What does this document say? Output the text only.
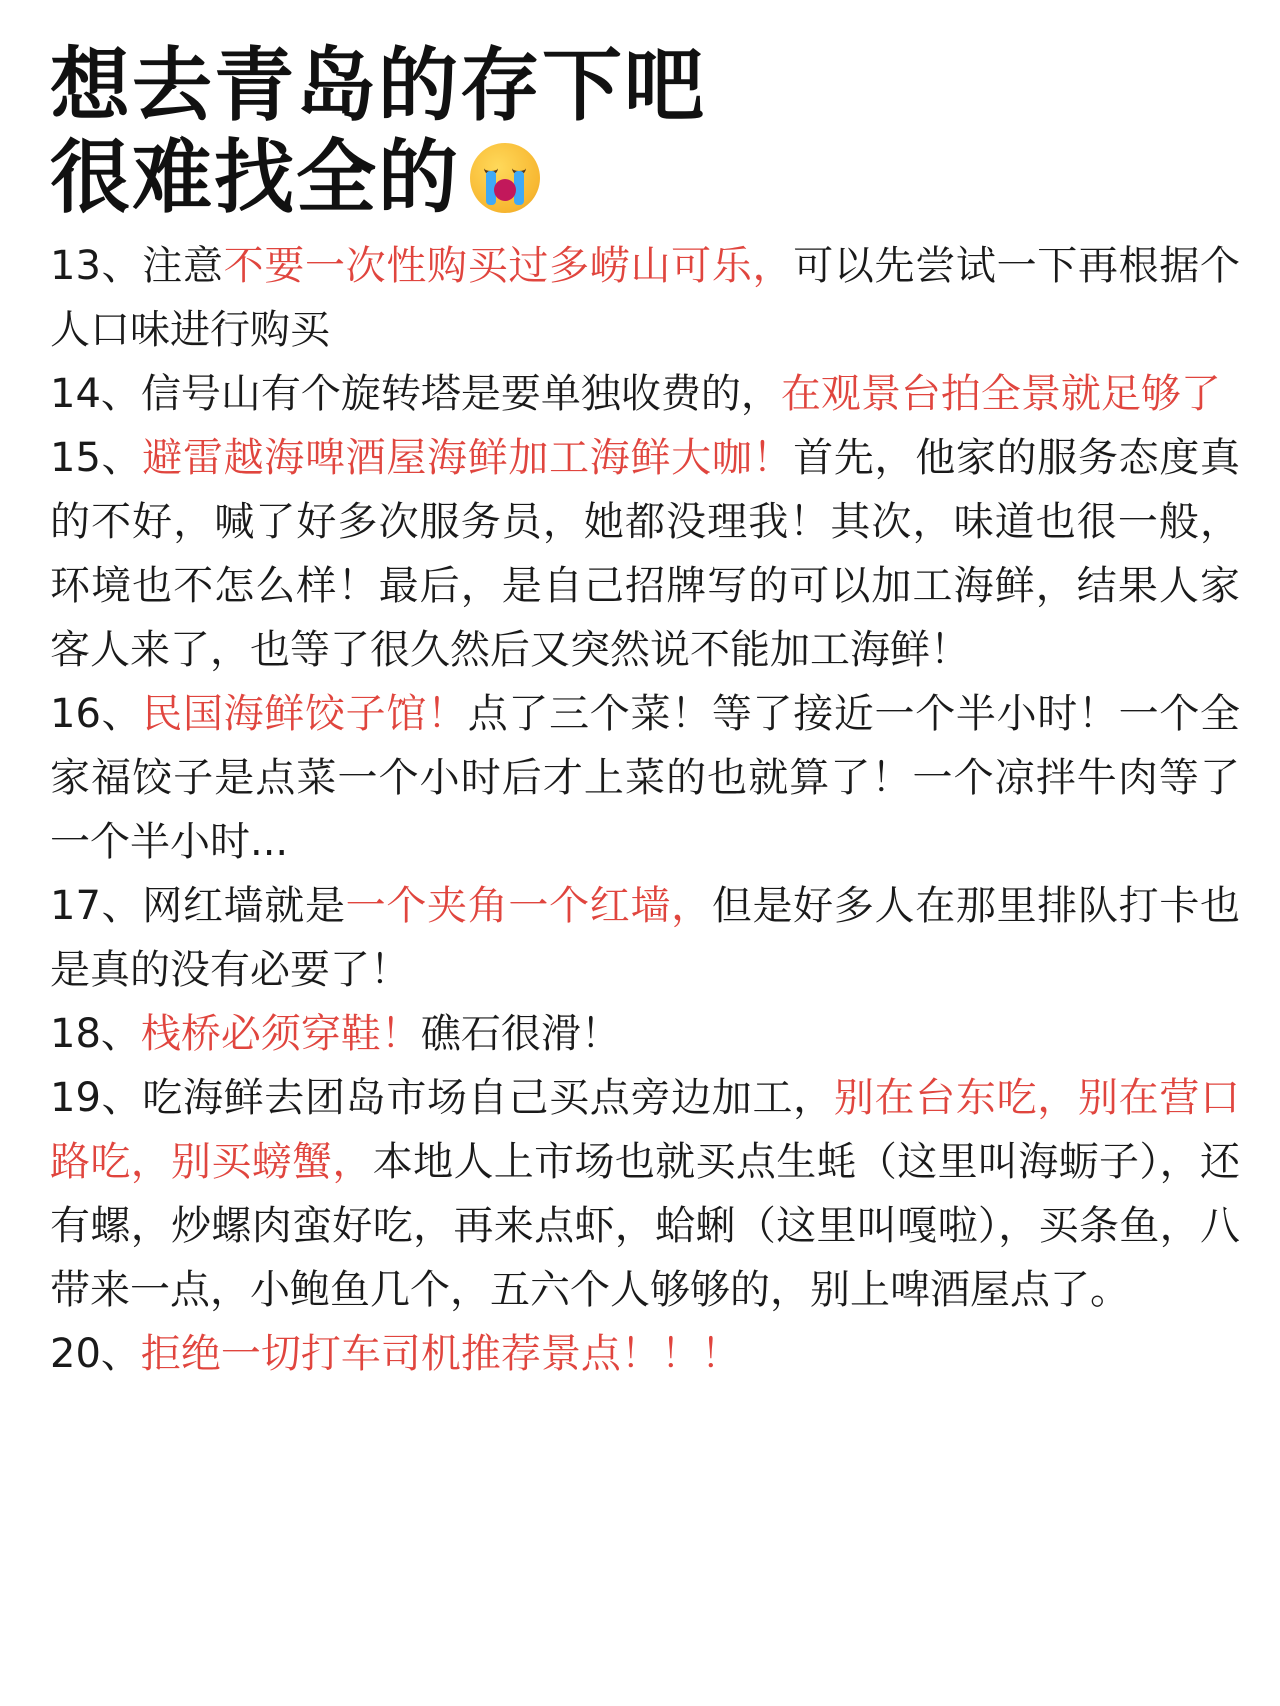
想去青岛的存下吧
很难找全的

13、注意不要一次性购买过多崂山可乐，可以先尝试一下再根据个人口味进行购买

14、信号山有个旋转塔是要单独收费的，在观景台拍全景就足够了

15、避雷越海啤酒屋海鲜加工海鲜大咖！首先，他家的服务态度真的不好，喊了好多次服务员，她都没理我！其次，味道也很一般，环境也不怎么样！最后，是自己招牌写的可以加工海鲜，结果人家客人来了，也等了很久然后又突然说不能加工海鲜！

16、民国海鲜饺子馆！点了三个菜！等了接近一个半小时！一个全家福饺子是点菜一个小时后才上菜的也就算了！一个凉拌牛肉等了一个半小时...

17、网红墙就是一个夹角一个红墙，但是好多人在那里排队打卡也是真的没有必要了！

18、栈桥必须穿鞋！礁石很滑！

19、吃海鲜去团岛市场自己买点旁边加工，别在台东吃，别在营口路吃，别买螃蟹，本地人上市场也就买点生蚝（这里叫海蛎子），还有螺，炒螺肉蛮好吃，再来点虾，蛤蜊（这里叫嘎啦），买条鱼，八带来一点，小鲍鱼几个，五六个人够够的，别上啤酒屋点了。

20、拒绝一切打车司机推荐景点！！！
